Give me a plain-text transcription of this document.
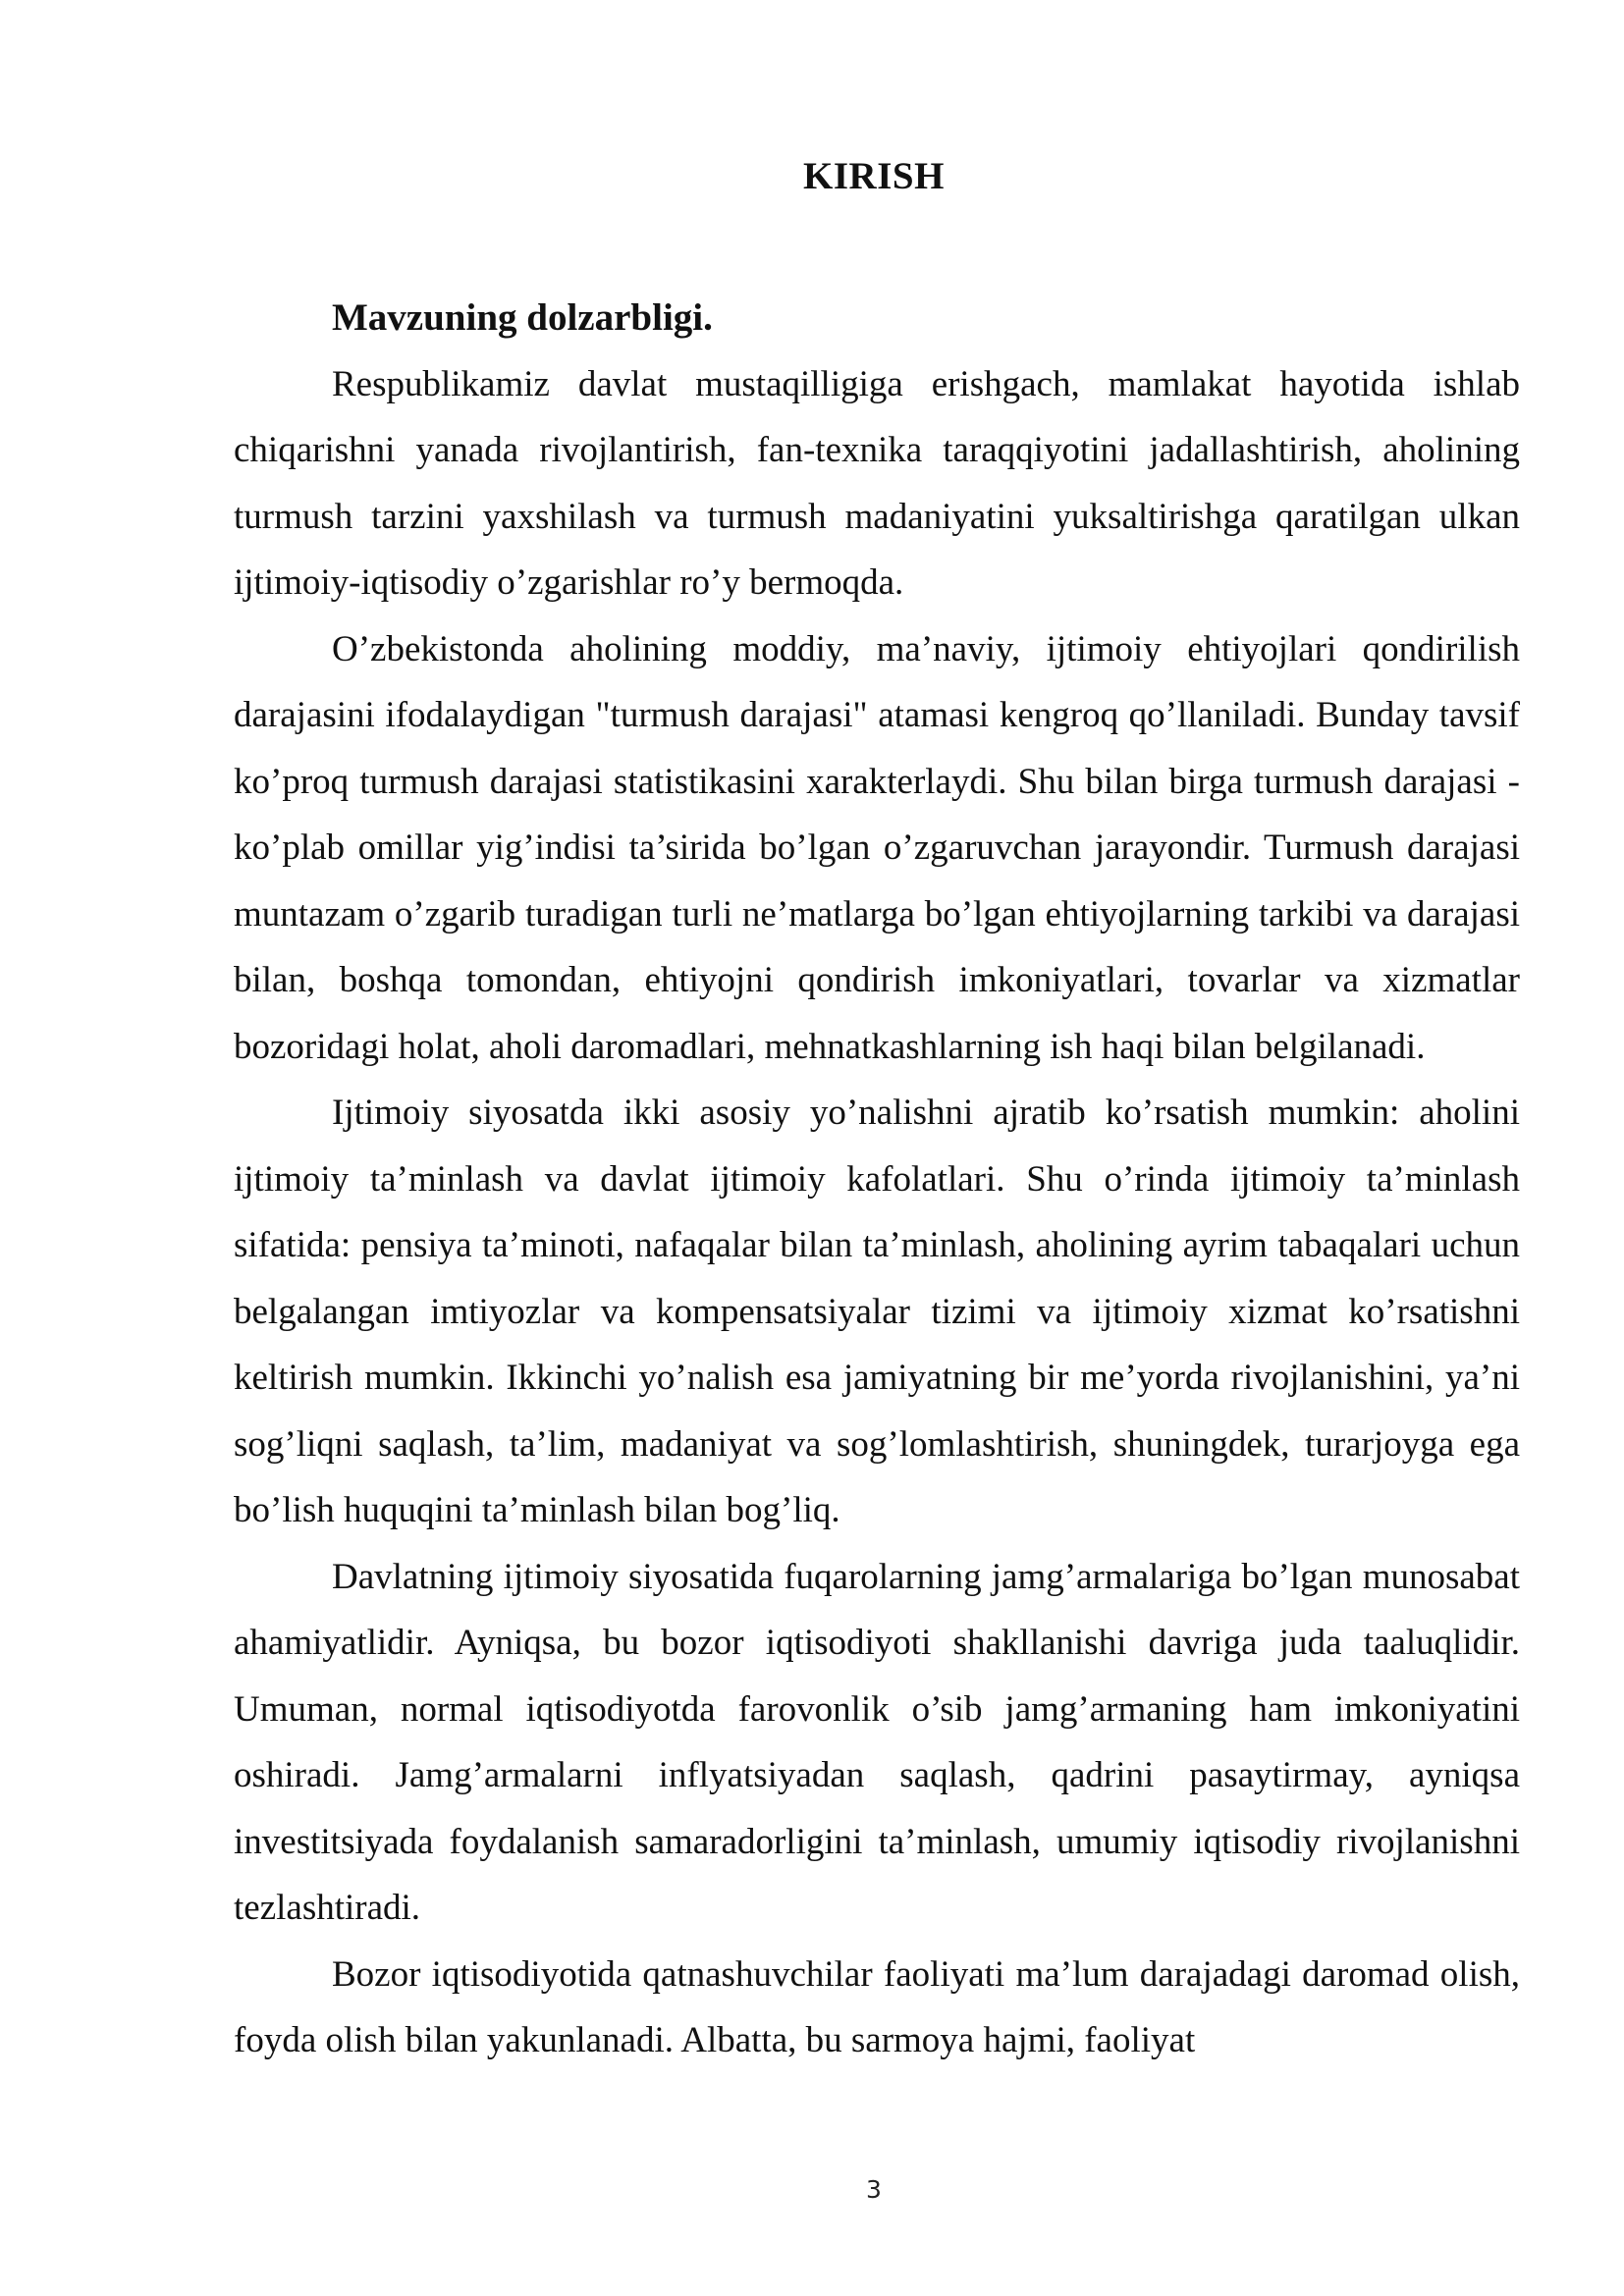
KIRISH

Mavzuning dolzarbligi.

Respublikamiz davlat mustaqilligiga erishgach, mamlakat hayotida ishlab chiqarishni yanada rivojlantirish, fan-texnika taraqqiyotini jadallashtirish, aholining turmush tarzini yaxshilash va turmush madaniyatini yuksaltirishga qaratilgan ulkan ijtimoiy-iqtisodiy o’zgarishlar ro’y bermoqda.

O’zbekistonda aholining moddiy, ma’naviy, ijtimoiy ehtiyojlari qondirilish darajasini ifodalaydigan "turmush darajasi" atamasi kengroq qo’llaniladi. Bunday tavsif ko’proq turmush darajasi statistikasini xarakterlaydi. Shu bilan birga turmush darajasi - ko’plab omillar yig’indisi ta’sirida bo’lgan o’zgaruvchan jarayondir. Turmush darajasi muntazam o’zgarib turadigan turli ne’matlarga bo’lgan ehtiyojlarning tarkibi va darajasi bilan, boshqa tomondan, ehtiyojni qondirish imkoniyatlari, tovarlar va xizmatlar bozoridagi holat, aholi daromadlari, mehnatkashlarning ish haqi bilan belgilanadi.

Ijtimoiy siyosatda ikki asosiy yo’nalishni ajratib ko’rsatish mumkin: aholini ijtimoiy ta’minlash va davlat ijtimoiy kafolatlari. Shu o’rinda ijtimoiy ta’minlash sifatida: pensiya ta’minoti, nafaqalar bilan ta’minlash, aholining ayrim tabaqalari uchun belgalangan imtiyozlar va kompensatsiyalar tizimi va ijtimoiy xizmat ko’rsatishni keltirish mumkin. Ikkinchi yo’nalish esa jamiyatning bir me’yorda rivojlanishini, ya’ni sog’liqni saqlash, ta’lim, madaniyat va sog’lomlashtirish, shuningdek, turarjoyga ega bo’lish huquqini ta’minlash bilan bog’liq.

Davlatning ijtimoiy siyosatida fuqarolarning jamg’armalariga bo’lgan munosabat ahamiyatlidir. Ayniqsa, bu bozor iqtisodiyoti shakllanishi davriga juda taaluqlidir. Umuman, normal iqtisodiyotda farovonlik o’sib jamg’armaning ham imkoniyatini oshiradi. Jamg’armalarni inflyatsiyadan saqlash, qadrini pasaytirmay, ayniqsa investitsiyada foydalanish samaradorligini ta’minlash, umumiy iqtisodiy rivojlanishni tezlashtiradi.

Bozor iqtisodiyotida qatnashuvchilar faoliyati ma’lum darajadagi daromad olish, foyda olish bilan yakunlanadi. Albatta, bu sarmoya hajmi, faoliyat

3
